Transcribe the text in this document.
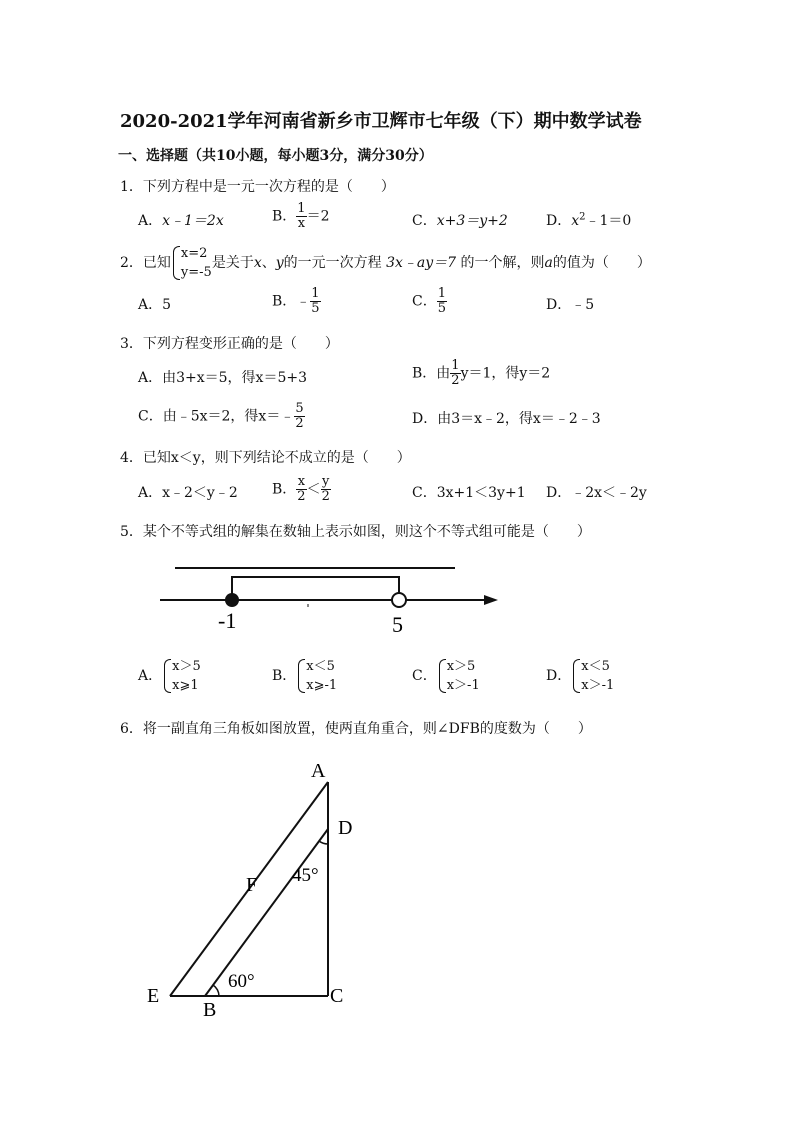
2020-2021学年河南省新乡市卫辉市七年级（下）期中数学试卷
一、选择题（共10小题，每小题3分，满分30分）
1．下列方程中是一元一次方程的是（　　）
A．x﹣1＝2x	B． $\frac{1}{x} =2$	C．x+3＝y+2	D．$x^2﹣1=0$
2．已知
x=2
y=-5
是关于x、y的一元一次方程 3x﹣ay＝7 的一个解，则a的值为（　　）
A．5	B．﹣ $\frac{1}{5}$	C． $\frac{1}{5}$	D．﹣5
3．下列方程变形正确的是（　　）
A．由3+x＝5，得x＝5+3	B．由 $\frac{1}{2} y=1$，得y＝2
C．由﹣5x＝2，得x＝﹣ $\frac{5}{2}$	D．由3＝x﹣2，得x＝﹣2﹣3
4．已知x＜y，则下列结论不成立的是（　　）
A．x﹣2＜y﹣2 B． $\frac{x}{2} < \frac{y}{2}$	C．3x+1＜3y+1 D．﹣2x＜﹣2y
5．某个不等式组的解集在数轴上表示如图，则这个不等式组可能是（　　）
-1	5
A．
x＞5
x⩾1
B．
x＜5
x⩾-1
C．
x＞5
x＞-1
D．
x＜5
x＞-1
6．将一副直角三角板如图放置，使两直角重合，则∠DFB的度数为（　　）
A
D
F 45°
60°
E
B
C
